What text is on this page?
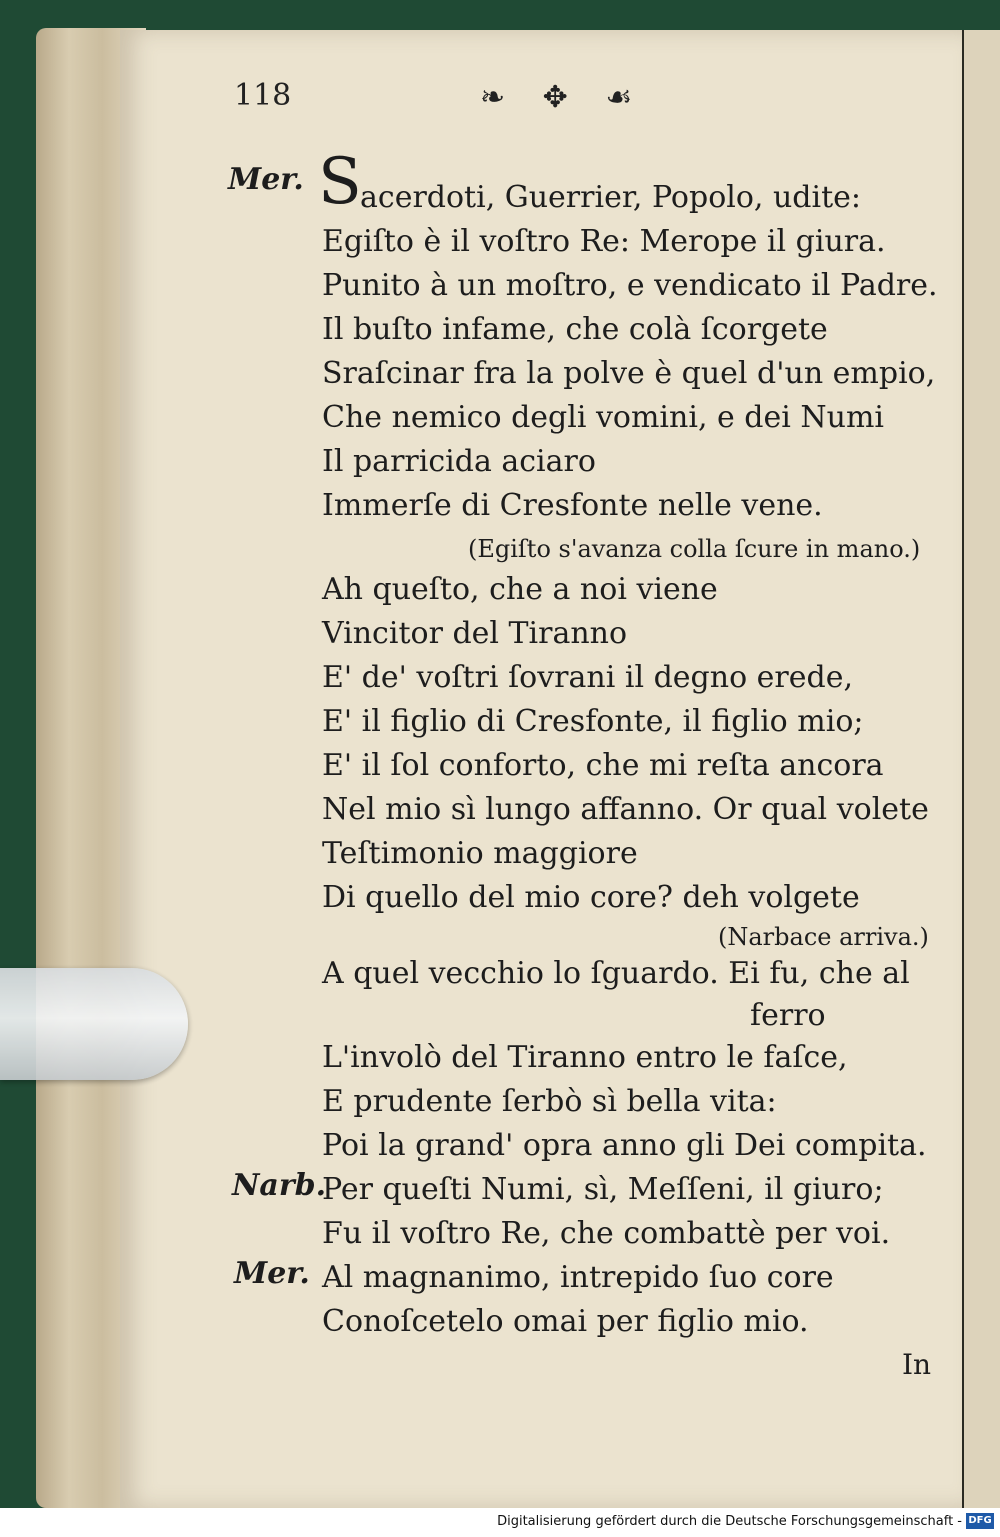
118	❧ ✥ ☙
Mer. S
acerdoti, Guerrier, Popolo, udite:
Egiſto è il voſtro Re: Merope il giura.
Punito à un moſtro, e vendicato il Padre.
Il buſto infame, che colà ſcorgete
Sraſcinar fra la polve è quel d'un empio,
Che nemico degli vomini, e dei Numi
Il parricida aciaro
Immerſe di Cresfonte nelle vene.
(Egiſto s'avanza colla ſcure in mano.)
Ah queſto, che a noi viene
Vincitor del Tiranno
E' de' voſtri ſovrani il degno erede,
E' il figlio di Cresfonte, il figlio mio;
E' il ſol conforto, che mi reſta ancora
Nel mio sì lungo affanno. Or qual volete
Teſtimonio maggiore
Di quello del mio core? deh volgete
(Narbace arriva.)
A quel vecchio lo ſguardo. Ei fu, che al
ferro
L'involò del Tiranno entro le faſce,
E prudente ſerbò sì bella vita:
Poi la grand' opra anno gli Dei compita.
Narb.
Per queſti Numi, sì, Meſſeni, il giuro;
Fu il voſtro Re, che combattè per voi.
Mer. Al magnanimo, intrepido ſuo core
Conoſcetelo omai per figlio mio.
In
Digitalisierung gefördert durch die Deutsche Forschungsgemeinschaft - DFG
